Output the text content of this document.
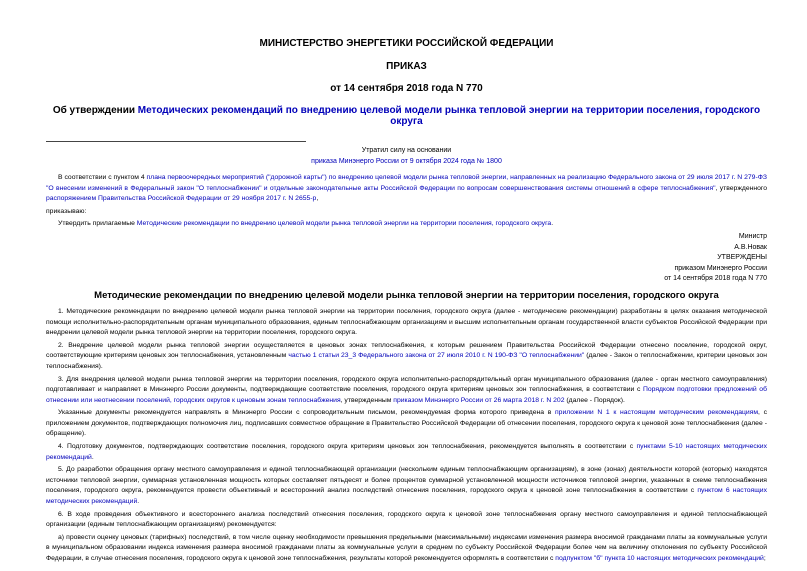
МИНИСТЕРСТВО ЭНЕРГЕТИКИ РОССИЙСКОЙ ФЕДЕРАЦИИ
ПРИКАЗ
от 14 сентября 2018 года N 770
Об утверждении Методических рекомендаций по внедрению целевой модели рынка тепловой энергии на территории поселения, городского округа
Утратил силу на основании
приказа Минэнерго России от 9 октября 2024 года № 1800

В соответствии с пунктом 4 плана первоочередных мероприятий ("дорожной карты") по внедрению целевой модели рынка тепловой энергии, направленных на реализацию Федерального закона от 29 июля 2017 г. N 279-ФЗ "О внесении изменений в Федеральный закон "О теплоснабжении" и отдельные законодательные акты Российской Федерации по вопросам совершенствования системы отношений в сфере теплоснабжения", утвержденного распоряжением Правительства Российской Федерации от 29 ноября 2017 г. N 2655-р,

приказываю:

Утвердить прилагаемые Методические рекомендации по внедрению целевой модели рынка тепловой энергии на территории поселения, городского округа.

Министр
А.В.Новак
УТВЕРЖДЕНЫ
приказом Минэнерго России
от 14 сентября 2018 года N 770
Методические рекомендации по внедрению целевой модели рынка тепловой энергии на территории поселения, городского округа

1. Методические рекомендации по внедрению целевой модели рынка тепловой энергии на территории поселения, городского округа (далее - методические рекомендации) разработаны в целях оказания методической помощи исполнительно-распорядительным органам муниципального образования, единым теплоснабжающим организациям и высшим исполнительным органам государственной власти субъектов Российской Федерации при внедрении целевой модели рынка тепловой энергии на территории поселения, городского округа.

2. Внедрение целевой модели рынка тепловой энергии осуществляется в ценовых зонах теплоснабжения, к которым решением Правительства Российской Федерации отнесено поселение, городской округ, соответствующие критериям ценовых зон теплоснабжения, установленным частью 1 статьи 23_3 Федерального закона от 27 июля 2010 г. N 190-ФЗ "О теплоснабжении" (далее - Закон о теплоснабжении, критерии ценовых зон теплоснабжения).

3. Для внедрения целевой модели рынка тепловой энергии на территории поселения, городского округа исполнительно-распорядительный орган муниципального образования (далее - орган местного самоуправления) подготавливает и направляет в Минэнерго России документы, подтверждающие соответствие поселения, городского округа критериям ценовых зон теплоснабжения, в соответствии с Порядком подготовки предложений об отнесении или неотнесении поселений, городских округов к ценовым зонам теплоснабжения, утвержденным приказом Минэнерго России от 26 марта 2018 г. N 202 (далее - Порядок).

Указанные документы рекомендуется направлять в Минэнерго России с сопроводительным письмом, рекомендуемая форма которого приведена в приложении N 1 к настоящим методическим рекомендациям, с приложением документов, подтверждающих полномочия лиц, подписавших совместное обращение в Правительство Российской Федерации об отнесении поселения, городского округа к ценовой зоне теплоснабжения (далее - обращение).

4. Подготовку документов, подтверждающих соответствие поселения, городского округа критериям ценовых зон теплоснабжения, рекомендуется выполнять в соответствии с пунктами 5-10 настоящих методических рекомендаций.

5. До разработки обращения органу местного самоуправления и единой теплоснабжающей организации (нескольким единым теплоснабжающим организациям), в зоне (зонах) деятельности которой (которых) находятся источники тепловой энергии, суммарная установленная мощность которых составляет пятьдесят и более процентов суммарной установленной мощности источников тепловой энергии, указанных в схеме теплоснабжения поселения, городского округа, рекомендуется провести объективный и всесторонний анализ последствий отнесения поселения, городского округа к ценовой зоне теплоснабжения в соответствии с пунктом 6 настоящих методических рекомендаций.

6. В ходе проведения объективного и всестороннего анализа последствий отнесения поселения, городского округа к ценовой зоне теплоснабжения органу местного самоуправления и единой теплоснабжающей организации (единым теплоснабжающим организациям) рекомендуется:

а) провести оценку ценовых (тарифных) последствий, в том числе оценку необходимости превышения предельными (максимальными) индексами изменения размера вносимой гражданами платы за коммунальные услуги в муниципальном образовании индекса изменения размера вносимой гражданами платы за коммунальные услуги в среднем по субъекту Российской Федерации более чем на величину отклонения по субъекту Российской Федерации, в случае отнесения поселения, городского округа к ценовой зоне теплоснабжения, результаты которой рекомендуется оформлять в соответствии с подпунктом "б" пункта 10 настоящих методических рекомендаций;
